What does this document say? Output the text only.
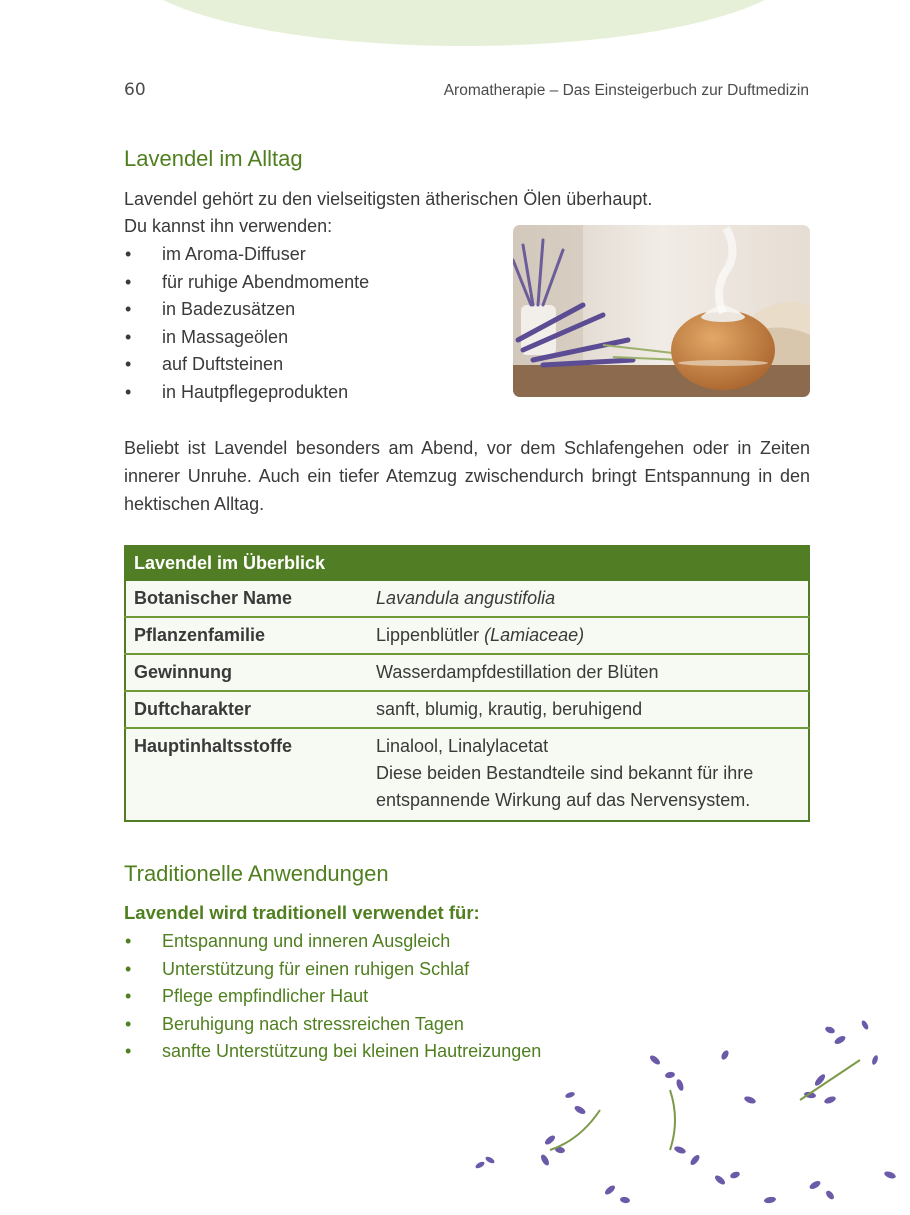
60	Aromatherapie – Das Einsteigerbuch zur Duftmedizin
Lavendel im Alltag
Lavendel gehört zu den vielseitigsten ätherischen Ölen überhaupt.
Du kannst ihn verwenden:
• im Aroma-Diffuser
• für ruhige Abendmomente
• in Badezusätzen
• in Massageölen
• auf Duftsteinen
• in Hautpflegeprodukten
Beliebt ist Lavendel besonders am Abend, vor dem Schlafengehen oder in Zeiten innerer Unruhe. Auch ein tiefer Atemzug zwischendurch bringt Entspannung in den hektischen Alltag.
Lavendel im Überblick	
Botanischer Name	Lavandula angustifolia
Pflanzenfamilie	Lippenblütler (Lamiaceae)
Gewinnung	Wasserdampfdestillation der Blüten
Duftcharakter	sanft, blumig, krautig, beruhigend
Hauptinhaltsstoffe	Linalool, Linalylacetat
Diese beiden Bestandteile sind bekannt für ihre
entspannende Wirkung auf das Nervensystem.
Traditionelle Anwendungen
Lavendel wird traditionell verwendet für:
• Entspannung und inneren Ausgleich
• Unterstützung für einen ruhigen Schlaf
• Pflege empfindlicher Haut
• Beruhigung nach stressreichen Tagen
• sanfte Unterstützung bei kleinen Hautreizungen
